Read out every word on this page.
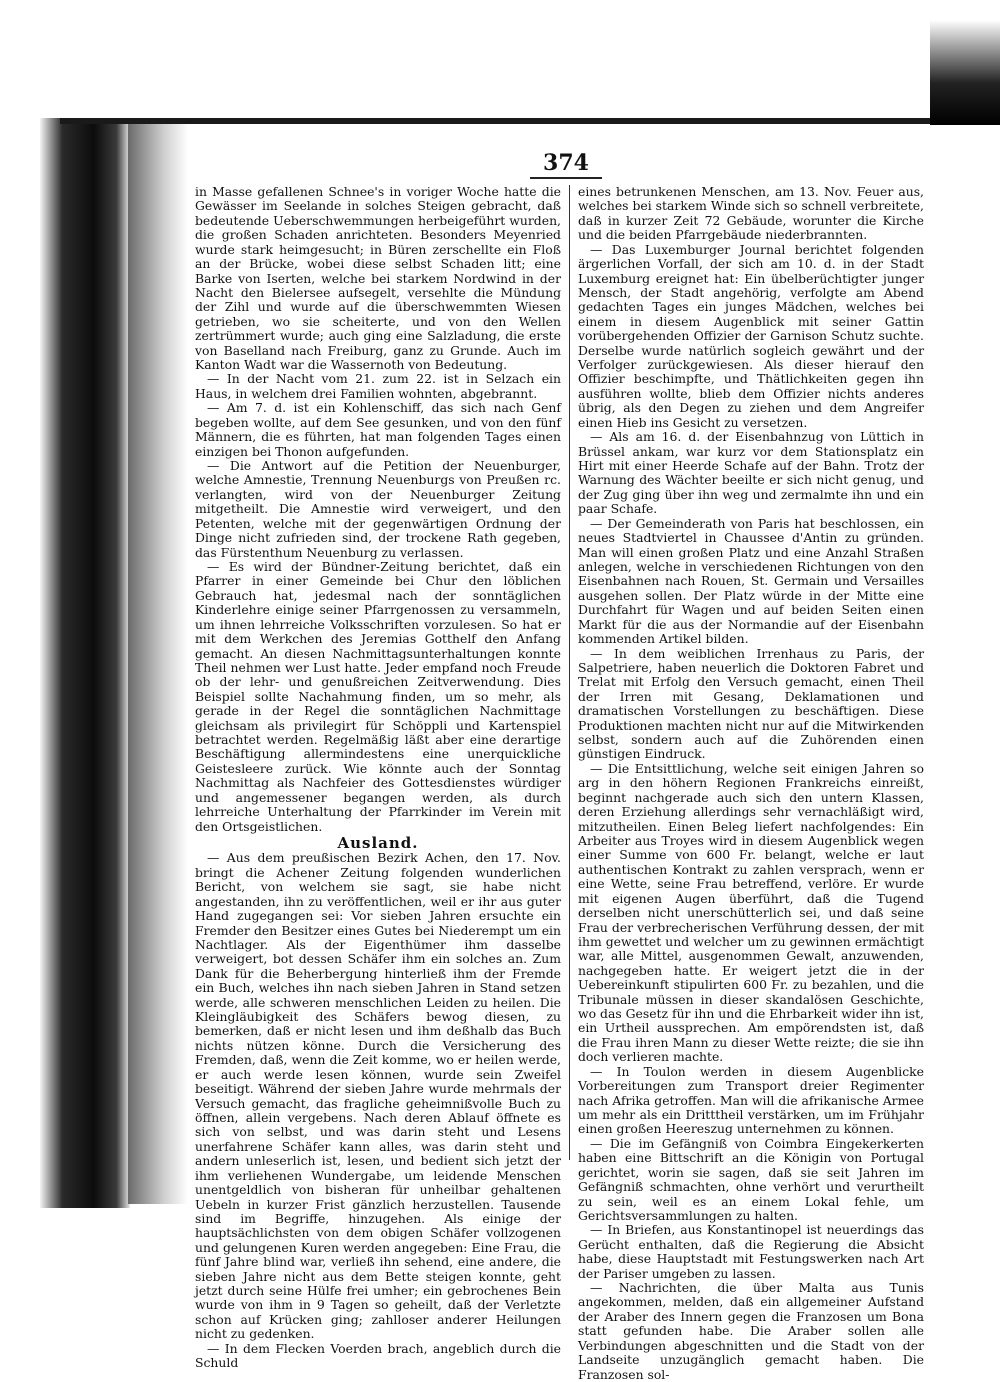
374

in Masse gefallenen Schnee's in voriger Woche hatte die Gewässer im Seelande in solches Steigen gebracht, daß bedeutende Ueberschwemmungen herbeigeführt wurden, die großen Schaden anrichteten. Besonders Meyenried wurde stark heimgesucht; in Büren zerschellte ein Floß an der Brücke, wobei diese selbst Schaden litt; eine Barke von Iserten, welche bei starkem Nordwind in der Nacht den Bielersee aufsegelt, versehlte die Mündung der Zihl und wurde auf die überschwemmten Wiesen getrieben, wo sie scheiterte, und von den Wellen zertrümmert wurde; auch ging eine Salzladung, die erste von Baselland nach Freiburg, ganz zu Grunde. Auch im Kanton Wadt war die Wassernoth von Bedeutung.

— In der Nacht vom 21. zum 22. ist in Selzach ein Haus, in welchem drei Familien wohnten, abgebrannt.

— Am 7. d. ist ein Kohlenschiff, das sich nach Genf begeben wollte, auf dem See gesunken, und von den fünf Männern, die es führten, hat man folgenden Tages einen einzigen bei Thonon aufgefunden.

— Die Antwort auf die Petition der Neuenburger, welche Amnestie, Trennung Neuenburgs von Preußen rc. verlangten, wird von der Neuenburger Zeitung mitgetheilt. Die Amnestie wird verweigert, und den Petenten, welche mit der gegenwärtigen Ordnung der Dinge nicht zufrieden sind, der trockene Rath gegeben, das Fürstenthum Neuenburg zu verlassen.

— Es wird der Bündner-Zeitung berichtet, daß ein Pfarrer in einer Gemeinde bei Chur den löblichen Gebrauch hat, jedesmal nach der sonntäglichen Kinderlehre einige seiner Pfarrgenossen zu versammeln, um ihnen lehrreiche Volksschriften vorzulesen. So hat er mit dem Werkchen des Jeremias Gotthelf den Anfang gemacht. An diesen Nachmittagsunterhaltungen konnte Theil nehmen wer Lust hatte. Jeder empfand noch Freude ob der lehr- und genußreichen Zeitverwendung. Dies Beispiel sollte Nachahmung finden, um so mehr, als gerade in der Regel die sonntäglichen Nachmittage gleichsam als privilegirt für Schöppli und Kartenspiel betrachtet werden. Regelmäßig läßt aber eine derartige Beschäftigung allermindestens eine unerquickliche Geistesleere zurück. Wie könnte auch der Sonntag Nachmittag als Nachfeier des Gottesdienstes würdiger und angemessener begangen werden, als durch lehrreiche Unterhaltung der Pfarrkinder im Verein mit den Ortsgeistlichen.

Ausland.

— Aus dem preußischen Bezirk Achen, den 17. Nov. bringt die Achener Zeitung folgenden wunderlichen Bericht, von welchem sie sagt, sie habe nicht angestanden, ihn zu veröffentlichen, weil er ihr aus guter Hand zugegangen sei: Vor sieben Jahren ersuchte ein Fremder den Besitzer eines Gutes bei Niederempt um ein Nachtlager. Als der Eigenthümer ihm dasselbe verweigert, bot dessen Schäfer ihm ein solches an. Zum Dank für die Beherbergung hinterließ ihm der Fremde ein Buch, welches ihn nach sieben Jahren in Stand setzen werde, alle schweren menschlichen Leiden zu heilen. Die Kleingläubigkeit des Schäfers bewog diesen, zu bemerken, daß er nicht lesen und ihm deßhalb das Buch nichts nützen könne. Durch die Versicherung des Fremden, daß, wenn die Zeit komme, wo er heilen werde, er auch werde lesen können, wurde sein Zweifel beseitigt. Während der sieben Jahre wurde mehrmals der Versuch gemacht, das fragliche geheimnißvolle Buch zu öffnen, allein vergebens. Nach deren Ablauf öffnete es sich von selbst, und was darin steht und Lesens unerfahrene Schäfer kann alles, was darin steht und andern unleserlich ist, lesen, und bedient sich jetzt der ihm verliehenen Wundergabe, um leidende Menschen unentgeldlich von bisheran für unheilbar gehaltenen Uebeln in kurzer Frist gänzlich herzustellen. Tausende sind im Begriffe, hinzugehen. Als einige der hauptsächlichsten von dem obigen Schäfer vollzogenen und gelungenen Kuren werden angegeben: Eine Frau, die fünf Jahre blind war, verließ ihn sehend, eine andere, die sieben Jahre nicht aus dem Bette steigen konnte, geht jetzt durch seine Hülfe frei umher; ein gebrochenes Bein wurde von ihm in 9 Tagen so geheilt, daß der Verletzte schon auf Krücken ging; zahlloser anderer Heilungen nicht zu gedenken.

— In dem Flecken Voerden brach, angeblich durch die Schuld

eines betrunkenen Menschen, am 13. Nov. Feuer aus, welches bei starkem Winde sich so schnell verbreitete, daß in kurzer Zeit 72 Gebäude, worunter die Kirche und die beiden Pfarrgebäude niederbrannten.

— Das Luxemburger Journal berichtet folgenden ärgerlichen Vorfall, der sich am 10. d. in der Stadt Luxemburg ereignet hat: Ein übelberüchtigter junger Mensch, der Stadt angehörig, verfolgte am Abend gedachten Tages ein junges Mädchen, welches bei einem in diesem Augenblick mit seiner Gattin vorübergehenden Offizier der Garnison Schutz suchte. Derselbe wurde natürlich sogleich gewährt und der Verfolger zurückgewiesen. Als dieser hierauf den Offizier beschimpfte, und Thätlichkeiten gegen ihn ausführen wollte, blieb dem Offizier nichts anderes übrig, als den Degen zu ziehen und dem Angreifer einen Hieb ins Gesicht zu versetzen.

— Als am 16. d. der Eisenbahnzug von Lüttich in Brüssel ankam, war kurz vor dem Stationsplatz ein Hirt mit einer Heerde Schafe auf der Bahn. Trotz der Warnung des Wächter beeilte er sich nicht genug, und der Zug ging über ihn weg und zermalmte ihn und ein paar Schafe.

— Der Gemeinderath von Paris hat beschlossen, ein neues Stadtviertel in Chaussee d'Antin zu gründen. Man will einen großen Platz und eine Anzahl Straßen anlegen, welche in verschiedenen Richtungen von den Eisenbahnen nach Rouen, St. Germain und Versailles ausgehen sollen. Der Platz würde in der Mitte eine Durchfahrt für Wagen und auf beiden Seiten einen Markt für die aus der Normandie auf der Eisenbahn kommenden Artikel bilden.

— In dem weiblichen Irrenhaus zu Paris, der Salpetriere, haben neuerlich die Doktoren Fabret und Trelat mit Erfolg den Versuch gemacht, einen Theil der Irren mit Gesang, Deklamationen und dramatischen Vorstellungen zu beschäftigen. Diese Produktionen machten nicht nur auf die Mitwirkenden selbst, sondern auch auf die Zuhörenden einen günstigen Eindruck.

— Die Entsittlichung, welche seit einigen Jahren so arg in den höhern Regionen Frankreichs einreißt, beginnt nachgerade auch sich den untern Klassen, deren Erziehung allerdings sehr vernachläßigt wird, mitzutheilen. Einen Beleg liefert nachfolgendes: Ein Arbeiter aus Troyes wird in diesem Augenblick wegen einer Summe von 600 Fr. belangt, welche er laut authentischen Kontrakt zu zahlen versprach, wenn er eine Wette, seine Frau betreffend, verlöre. Er wurde mit eigenen Augen überführt, daß die Tugend derselben nicht unerschütterlich sei, und daß seine Frau der verbrecherischen Verführung dessen, der mit ihm gewettet und welcher um zu gewinnen ermächtigt war, alle Mittel, ausgenommen Gewalt, anzuwenden, nachgegeben hatte. Er weigert jetzt die in der Uebereinkunft stipulirten 600 Fr. zu bezahlen, und die Tribunale müssen in dieser skandalösen Geschichte, wo das Gesetz für ihn und die Ehrbarkeit wider ihn ist, ein Urtheil aussprechen. Am empörendsten ist, daß die Frau ihren Mann zu dieser Wette reizte; die sie ihn doch verlieren machte.

— In Toulon werden in diesem Augenblicke Vorbereitungen zum Transport dreier Regimenter nach Afrika getroffen. Man will die afrikanische Armee um mehr als ein Dritttheil verstärken, um im Frühjahr einen großen Heereszug unternehmen zu können.

— Die im Gefängniß von Coimbra Eingekerkerten haben eine Bittschrift an die Königin von Portugal gerichtet, worin sie sagen, daß sie seit Jahren im Gefängniß schmachten, ohne verhört und verurtheilt zu sein, weil es an einem Lokal fehle, um Gerichtsversammlungen zu halten.

— In Briefen, aus Konstantinopel ist neuerdings das Gerücht enthalten, daß die Regierung die Absicht habe, diese Hauptstadt mit Festungswerken nach Art der Pariser umgeben zu lassen.

— Nachrichten, die über Malta aus Tunis angekommen, melden, daß ein allgemeiner Aufstand der Araber des Innern gegen die Franzosen um Bona statt gefunden habe. Die Araber sollen alle Verbindungen abgeschnitten und die Stadt von der Landseite unzugänglich gemacht haben. Die Franzosen sol-
